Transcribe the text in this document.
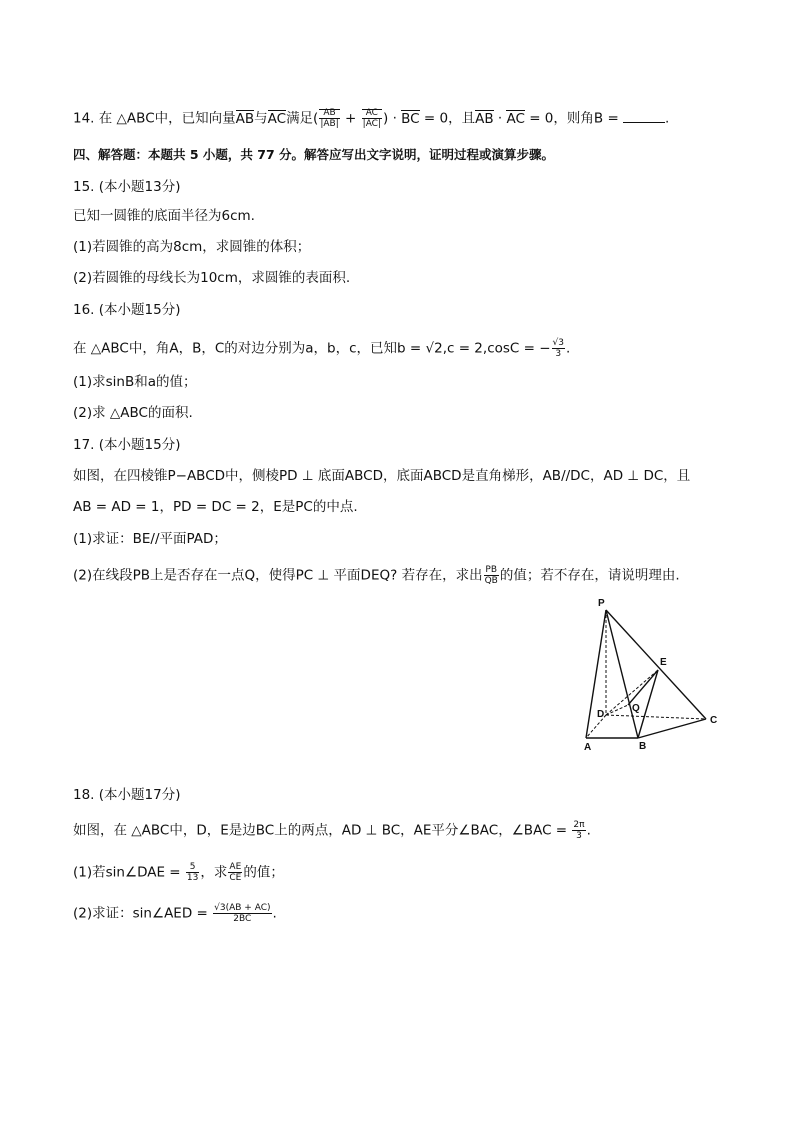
14. 在 △ABC中，已知向量AB与AC满足( $\frac{AB}{|AB|} + \frac{AC}{|AC|}$ ) · BC = 0，且AB · AC = 0，则角B =	.
四、解答题：本题共 5 小题，共 77 分。解答应写出文字说明，证明过程或演算步骤。
15. (本小题13分)
已知一圆锥的底面半径为6cm.
(1)若圆锥的高为8cm，求圆锥的体积；
(2)若圆锥的母线长为10cm，求圆锥的表面积.
16. (本小题15分)
在 △ABC中，角A，B，C的对边分别为a，b，c，已知b = √2,c = 2,cosC = − $\frac{√3}{3}$ .
(1)求sinB和a的值；
(2)求 △ABC的面积.
17. (本小题15分)
如图，在四棱锥P−ABCD中，侧棱PD ⊥ 底面ABCD，底面ABCD是直角梯形，AB//DC，AD ⊥ DC，且
AB = AD = 1，PD = DC = 2，E是PC的中点.
(1)求证：BE//平面PAD；
(2)在线段PB上是否存在一点Q，使得PC ⊥ 平面DEQ? 若存在，求出 $\frac{PB}{QB}$ 的值；若不存在，请说明理由.
P
E
D
Q
C
A	B
18. (本小题17分)
如图，在 △ABC中，D，E是边BC上的两点，AD ⊥ BC，AE平分∠BAC，∠BAC = $\frac{2\pi}{3}$ .
(1)若sin∠DAE = $\frac{5}{13}$ ，求 $\frac{AE}{CE}$ 的值；
(2)求证：sin∠AED = $\frac{√3(AB + AC)}{2BC}$ .
